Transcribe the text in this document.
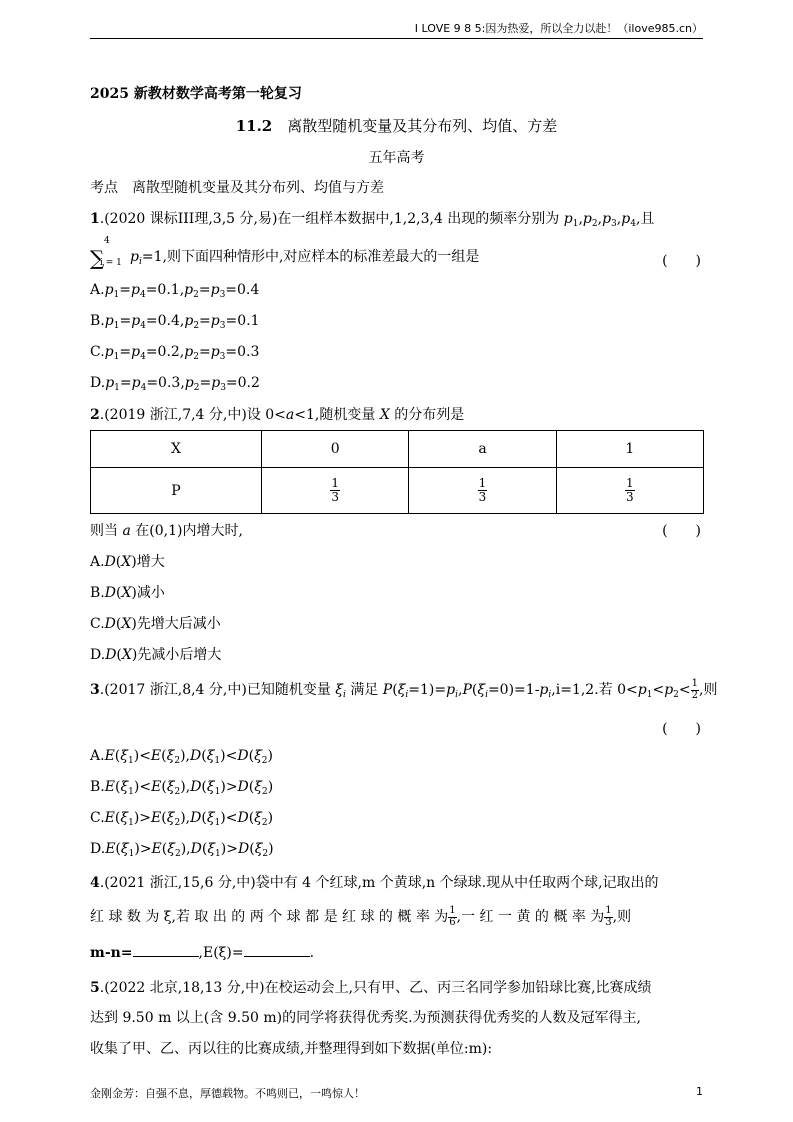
I LOVE 9 8 5:因为热爱，所以全力以赴！（ilove985.cn）
2025 新教材数学高考第一轮复习
11.2　 离散型随机变量及其分布列、均值、方差
五年高考
考点　 离散型随机变量及其分布列、均值与方差
1.(2020 课标III理,3,5 分,易)在一组样本数据中,1,2,3,4 出现的频率分别为 $p_1,p_2,p_3,p_4$,且
∑
4
i = 1
　 $p_i=1$,则下面四种情形中,对应样本的标准差最大的一组是	(　　)
$A.p_1=p_4=0.1,p_2=p_3=0.4$
$B.p_1=p_4=0.4,p_2=p_3=0.1$
$C.p_1=p_4=0.2,p_2=p_3=0.3$
$D.p_1=p_4=0.3,p_2=p_3=0.2$
2.(2019 浙江,7,4 分,中)设 0<a<1,随机变量 X 的分布列是
X	0	a	1
P	$\frac{1}{3}$	$\frac{1}{3}$	$\frac{1}{3}$
则当 a 在(0,1)内增大时,	(　　)
A.D(X)增大
B.D(X)减小
C.D(X)先增大后减小
D.D(X)先减小后增大
3.(2017 浙江,8,4 分,中)已知随机变量 $\xi_i$ 满足 $P(\xi_i=1)=p_i,P(\xi_i=0)=1-p_i,i=1,2$.若 $0<p_1<p_2< \frac{1}{2}$ ,则
(　　)
$A.E(\xi_1)<E(\xi_2),D(\xi_1)<D(\xi_2)$
$B.E(\xi_1)<E(\xi_2),D(\xi_1)>D(\xi_2)$
$C.E(\xi_1)>E(\xi_2),D(\xi_1)<D(\xi_2)$
$D.E(\xi_1)>E(\xi_2),D(\xi_1)>D(\xi_2)$
4.(2021 浙江,15,6 分,中)袋中有 4 个红球,m 个黄球,n 个绿球.现从中任取两个球,记取出的
红 球 数 为 ξ,若 取 出 的 两 个 球 都 是 红 球 的 概 率 为 $\frac{1}{6}$ ,一 红 一 黄 的 概 率 为 $\frac{1}{3}$ ,则
m-n=	,E(ξ)=	.
5.(2022 北京,18,13 分,中)在校运动会上,只有甲、乙、丙三名同学参加铅球比赛,比赛成绩
达到 9.50 m 以上(含 9.50 m)的同学将获得优秀奖.为预测获得优秀奖的人数及冠军得主,
收集了甲、乙、丙以往的比赛成绩,并整理得到如下数据(单位:m):
金刚金芳：自强不息，厚德载物。不鸣则已，一鸣惊人！	1
